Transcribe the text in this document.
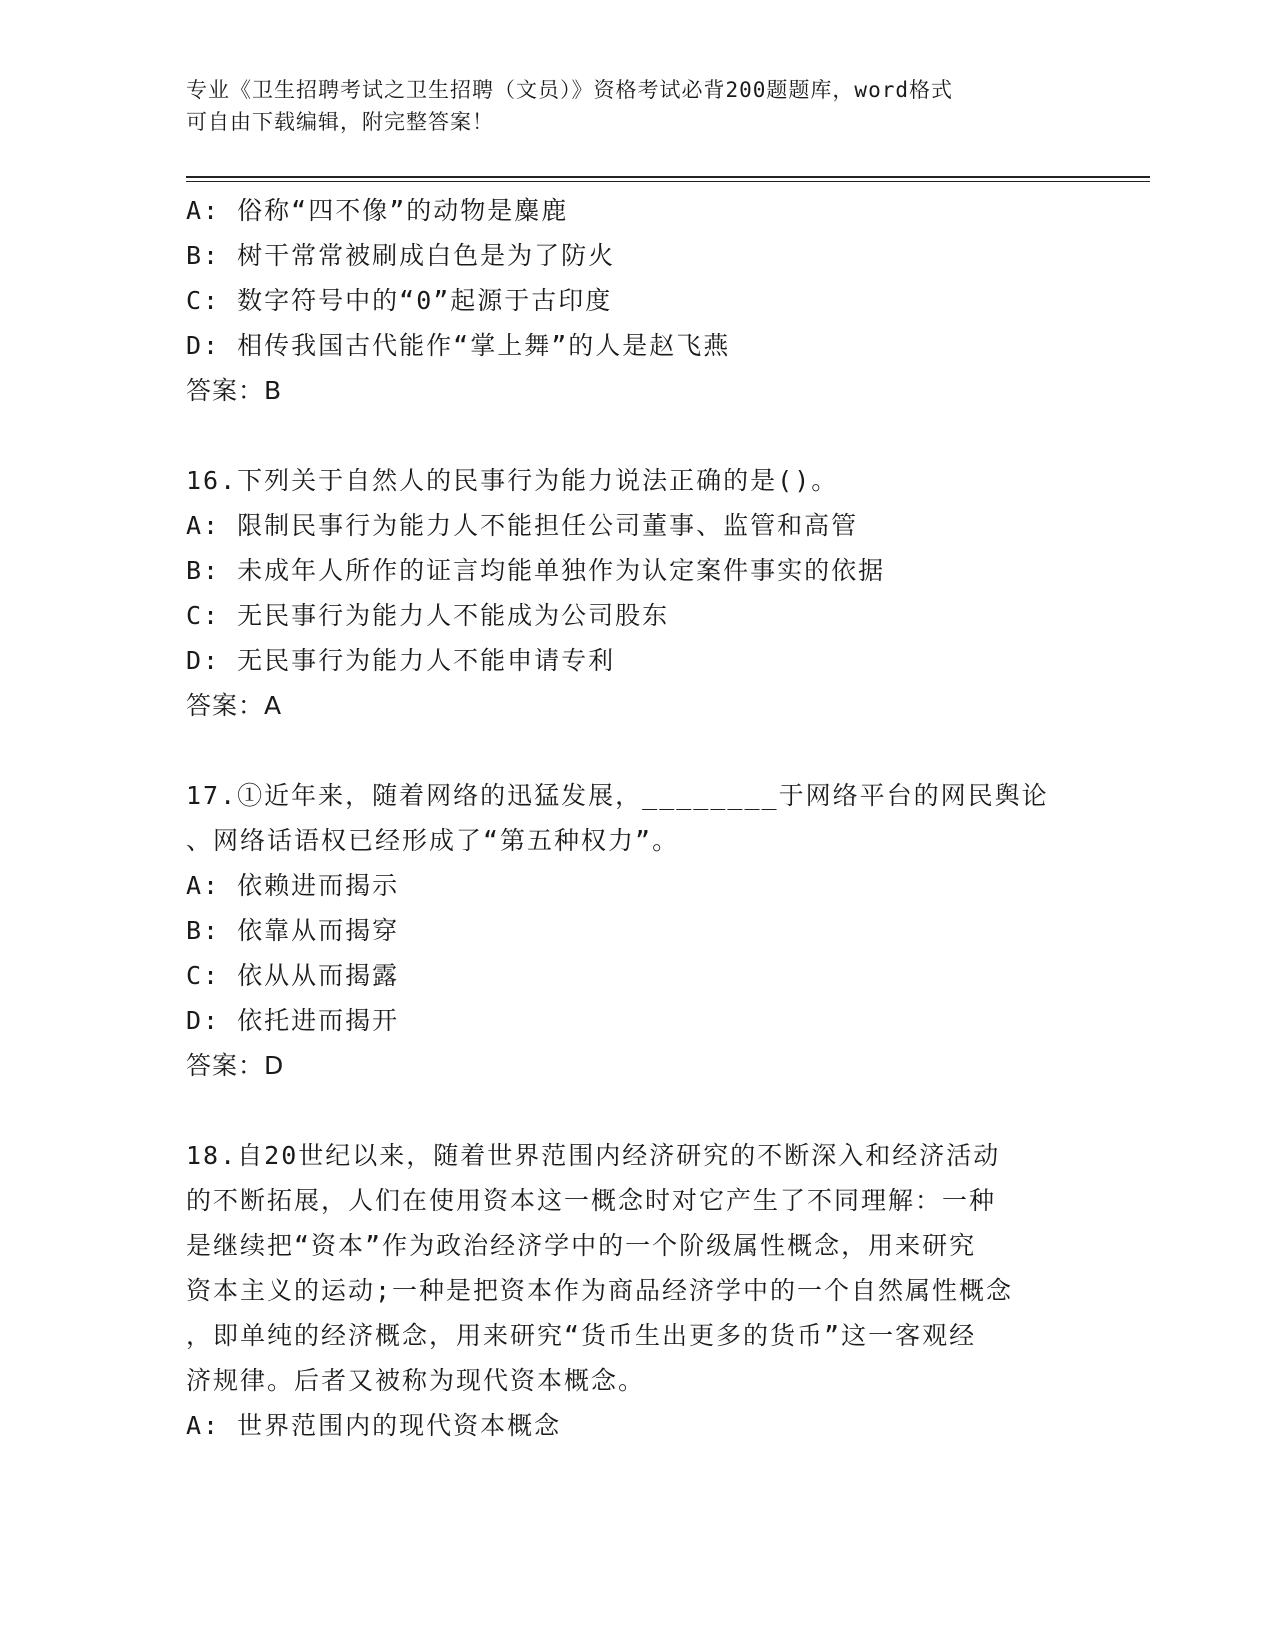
专业《卫生招聘考试之卫生招聘（文员）》资格考试必背200题题库，word格式
可自由下载编辑，附完整答案！
A: 俗称“四不像”的动物是麋鹿
B: 树干常常被刷成白色是为了防火
C: 数字符号中的“0”起源于古印度
D: 相传我国古代能作“掌上舞”的人是赵飞燕
答案：B
16.下列关于自然人的民事行为能力说法正确的是()。
A: 限制民事行为能力人不能担任公司董事、监管和高管
B: 未成年人所作的证言均能单独作为认定案件事实的依据
C: 无民事行为能力人不能成为公司股东
D: 无民事行为能力人不能申请专利
答案：A
17.①近年来，随着网络的迅猛发展，________于网络平台的网民舆论
、网络话语权已经形成了“第五种权力”。
A: 依赖进而揭示
B: 依靠从而揭穿
C: 依从从而揭露
D: 依托进而揭开
答案：D
18.自20世纪以来，随着世界范围内经济研究的不断深入和经济活动
的不断拓展，人们在使用资本这一概念时对它产生了不同理解：一种
是继续把“资本”作为政治经济学中的一个阶级属性概念，用来研究
资本主义的运动;一种是把资本作为商品经济学中的一个自然属性概念
，即单纯的经济概念，用来研究“货币生出更多的货币”这一客观经
济规律。后者又被称为现代资本概念。
A: 世界范围内的现代资本概念
